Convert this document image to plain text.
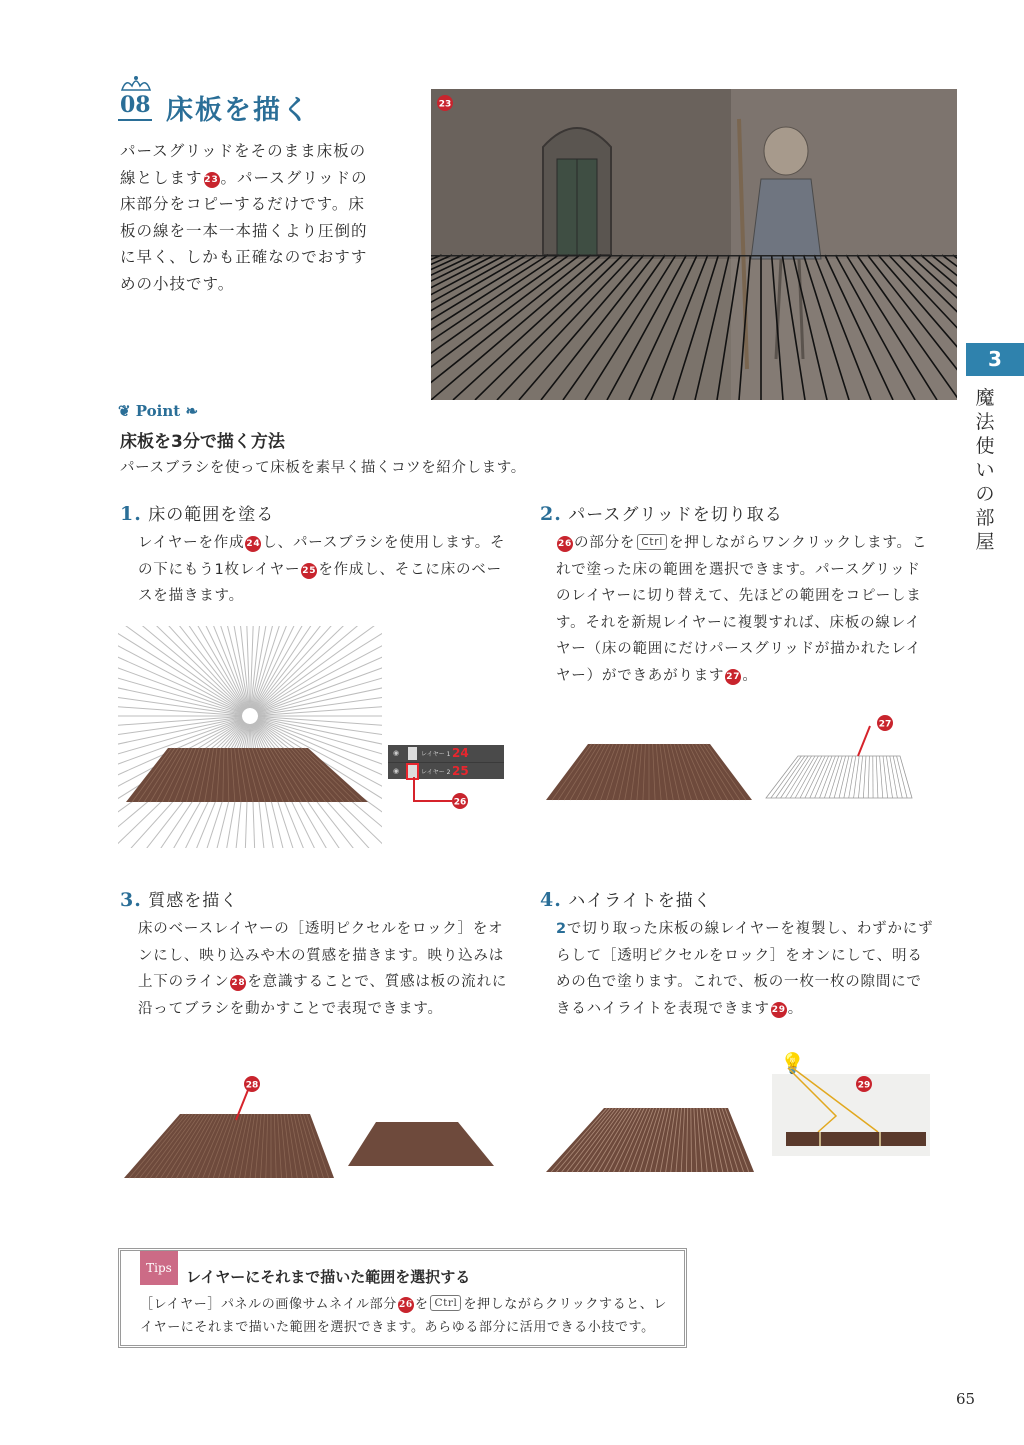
08 床板を描く
パースグリッドをそのまま床板の線とします 23 。パースグリッドの床部分をコピーするだけです。床板の線を一本一本描くより圧倒的に早く、しかも正確なのでおすすめの小技です。
23
3
魔法使いの部屋
❦ Point ❧
床板を3分で描く方法
パースブラシを使って床板を素早く描くコツを紹介します。
1. 床の範囲を塗る
レイヤーを作成 24 し、パースブラシを使用します。その下にもう1枚レイヤー 25 を作成し、そこに床のベースを描きます。
◉	レイヤー 1 24
◉	レイヤー 2 25
26
2. パースグリッドを切り取る
26 の部分を Ctrl を押しながらワンクリックします。これで塗った床の範囲を選択できます。パースグリッドのレイヤーに切り替えて、先ほどの範囲をコピーします。それを新規レイヤーに複製すれば、床板の線レイヤー（床の範囲にだけパースグリッドが描かれたレイヤー）ができあがります 27 。
27
3. 質感を描く
床のベースレイヤーの［透明ピクセルをロック］をオンにし、映り込みや木の質感を描きます。映り込みは上下のライン 28 を意識することで、質感は板の流れに沿ってブラシを動かすことで表現できます。
28
4. ハイライトを描く
2で切り取った床板の線レイヤーを複製し、わずかにずらして［透明ピクセルをロック］をオンにして、明るめの色で塗ります。これで、板の一枚一枚の隙間にできるハイライトを表現できます 29 。
💡
29
Tips レイヤーにそれまで描いた範囲を選択する
［レイヤー］パネルの画像サムネイル部分 26 を Ctrl を押しながらクリックすると、レイヤーにそれまで描いた範囲を選択できます。あらゆる部分に活用できる小技です。
65
